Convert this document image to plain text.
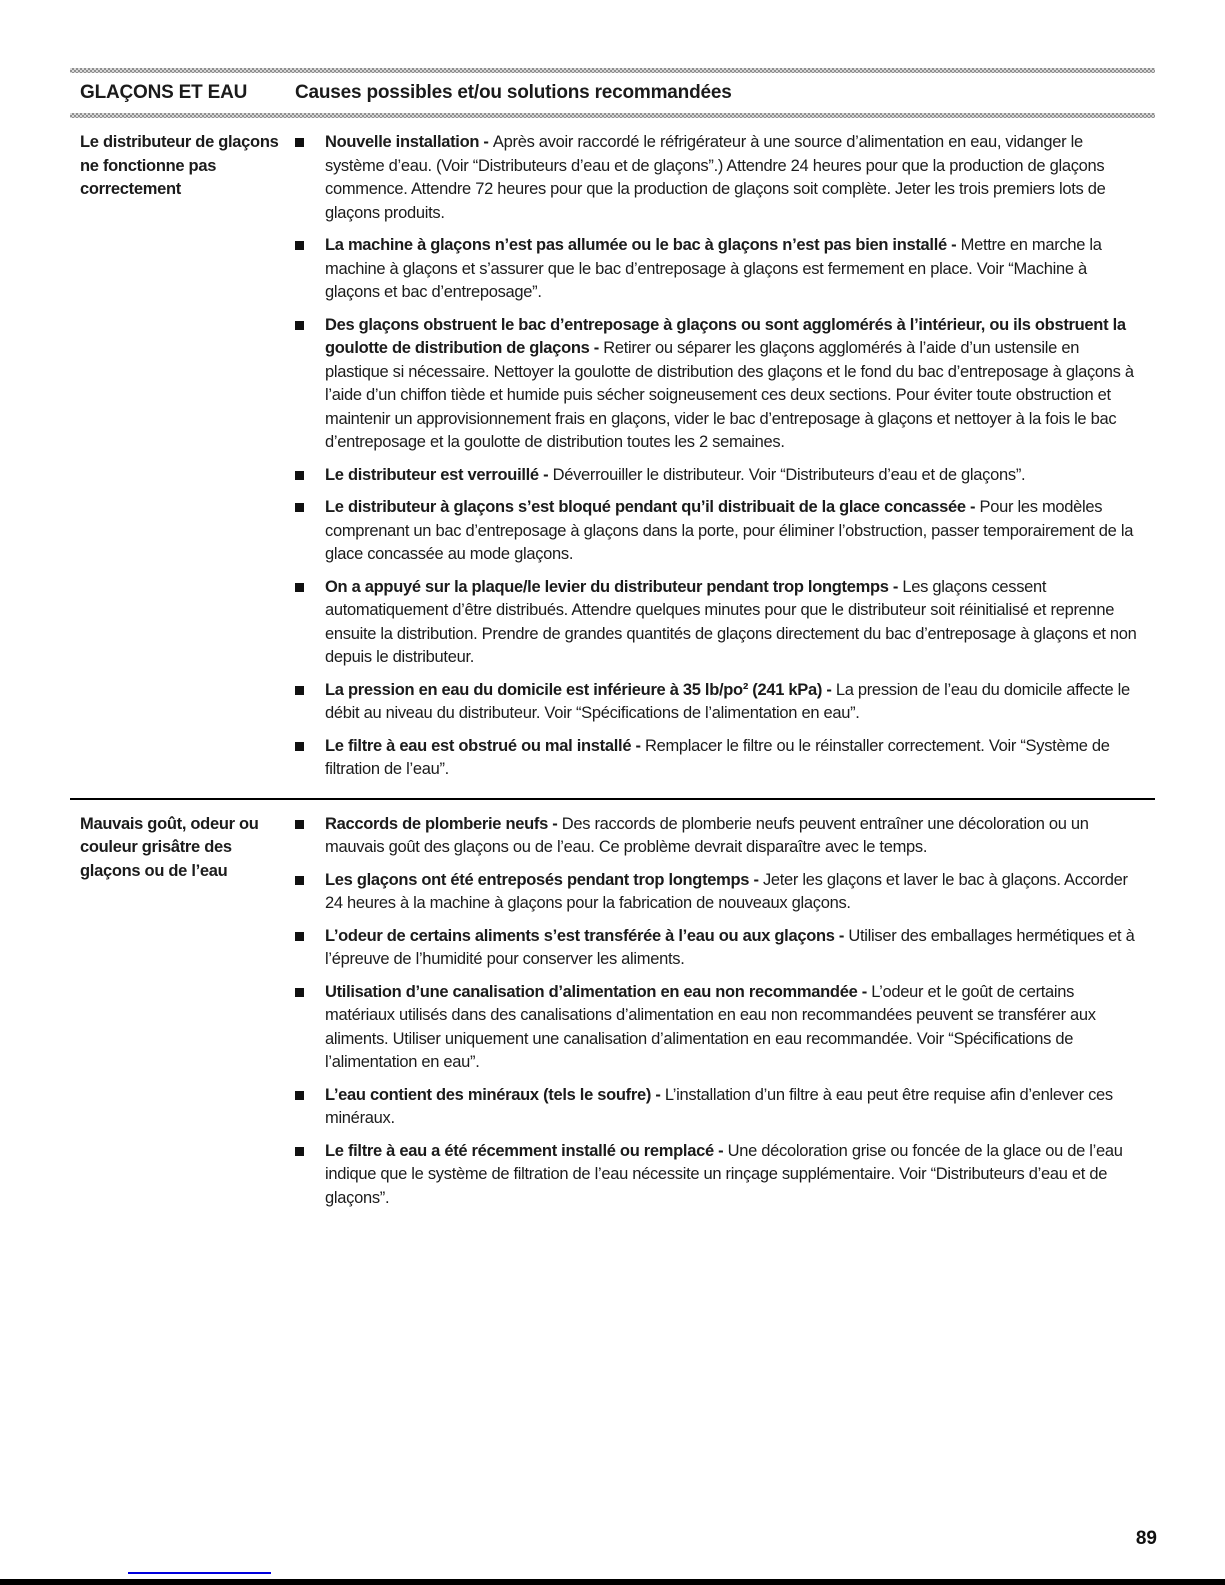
GLAÇONS ET EAU	Causes possibles et/ou solutions recommandées
Le distributeur de glaçons ne fonctionne pas correctement

Nouvelle installation - Après avoir raccordé le réfrigérateur à une source d’alimentation en eau, vidanger le système d’eau. (Voir “Distributeurs d’eau et de glaçons”.) Attendre 24 heures pour que la production de glaçons commence. Attendre 72 heures pour que la production de glaçons soit complète. Jeter les trois premiers lots de glaçons produits.

La machine à glaçons n’est pas allumée ou le bac à glaçons n’est pas bien installé - Mettre en marche la machine à glaçons et s’assurer que le bac d’entreposage à glaçons est fermement en place. Voir “Machine à glaçons et bac d’entreposage”.

Des glaçons obstruent le bac d’entreposage à glaçons ou sont agglomérés à l’intérieur, ou ils obstruent la goulotte de distribution de glaçons - Retirer ou séparer les glaçons agglomérés à l’aide d’un ustensile en plastique si nécessaire. Nettoyer la goulotte de distribution des glaçons et le fond du bac d’entreposage à glaçons à l’aide d’un chiffon tiède et humide puis sécher soigneusement ces deux sections. Pour éviter toute obstruction et maintenir un approvisionnement frais en glaçons, vider le bac d’entreposage à glaçons et nettoyer à la fois le bac d’entreposage et la goulotte de distribution toutes les 2 semaines.

Le distributeur est verrouillé - Déverrouiller le distributeur. Voir “Distributeurs d’eau et de glaçons”.

Le distributeur à glaçons s’est bloqué pendant qu’il distribuait de la glace concassée - Pour les modèles comprenant un bac d’entreposage à glaçons dans la porte, pour éliminer l’obstruction, passer temporairement de la glace concassée au mode glaçons.

On a appuyé sur la plaque/le levier du distributeur pendant trop longtemps - Les glaçons cessent automatiquement d’être distribués. Attendre quelques minutes pour que le distributeur soit réinitialisé et reprenne ensuite la distribution. Prendre de grandes quantités de glaçons directement du bac d’entreposage à glaçons et non depuis le distributeur.

La pression en eau du domicile est inférieure à 35 lb/po² (241 kPa) - La pression de l’eau du domicile affecte le débit au niveau du distributeur. Voir “Spécifications de l’alimentation en eau”.

Le filtre à eau est obstrué ou mal installé - Remplacer le filtre ou le réinstaller correctement. Voir “Système de filtration de l’eau”.

Mauvais goût, odeur ou couleur grisâtre des glaçons ou de l’eau

Raccords de plomberie neufs - Des raccords de plomberie neufs peuvent entraîner une décoloration ou un mauvais goût des glaçons ou de l’eau. Ce problème devrait disparaître avec le temps.

Les glaçons ont été entreposés pendant trop longtemps - Jeter les glaçons et laver le bac à glaçons. Accorder 24 heures à la machine à glaçons pour la fabrication de nouveaux glaçons.

L’odeur de certains aliments s’est transférée à l’eau ou aux glaçons - Utiliser des emballages hermétiques et à l’épreuve de l’humidité pour conserver les aliments.

Utilisation d’une canalisation d’alimentation en eau non recommandée - L’odeur et le goût de certains matériaux utilisés dans des canalisations d’alimentation en eau non recommandées peuvent se transférer aux aliments. Utiliser uniquement une canalisation d’alimentation en eau recommandée. Voir “Spécifications de l’alimentation en eau”.

L’eau contient des minéraux (tels le soufre) - L’installation d’un filtre à eau peut être requise afin d’enlever ces minéraux.

Le filtre à eau a été récemment installé ou remplacé - Une décoloration grise ou foncée de la glace ou de l’eau indique que le système de filtration de l’eau nécessite un rinçage supplémentaire. Voir “Distributeurs d’eau et de glaçons”.

89
